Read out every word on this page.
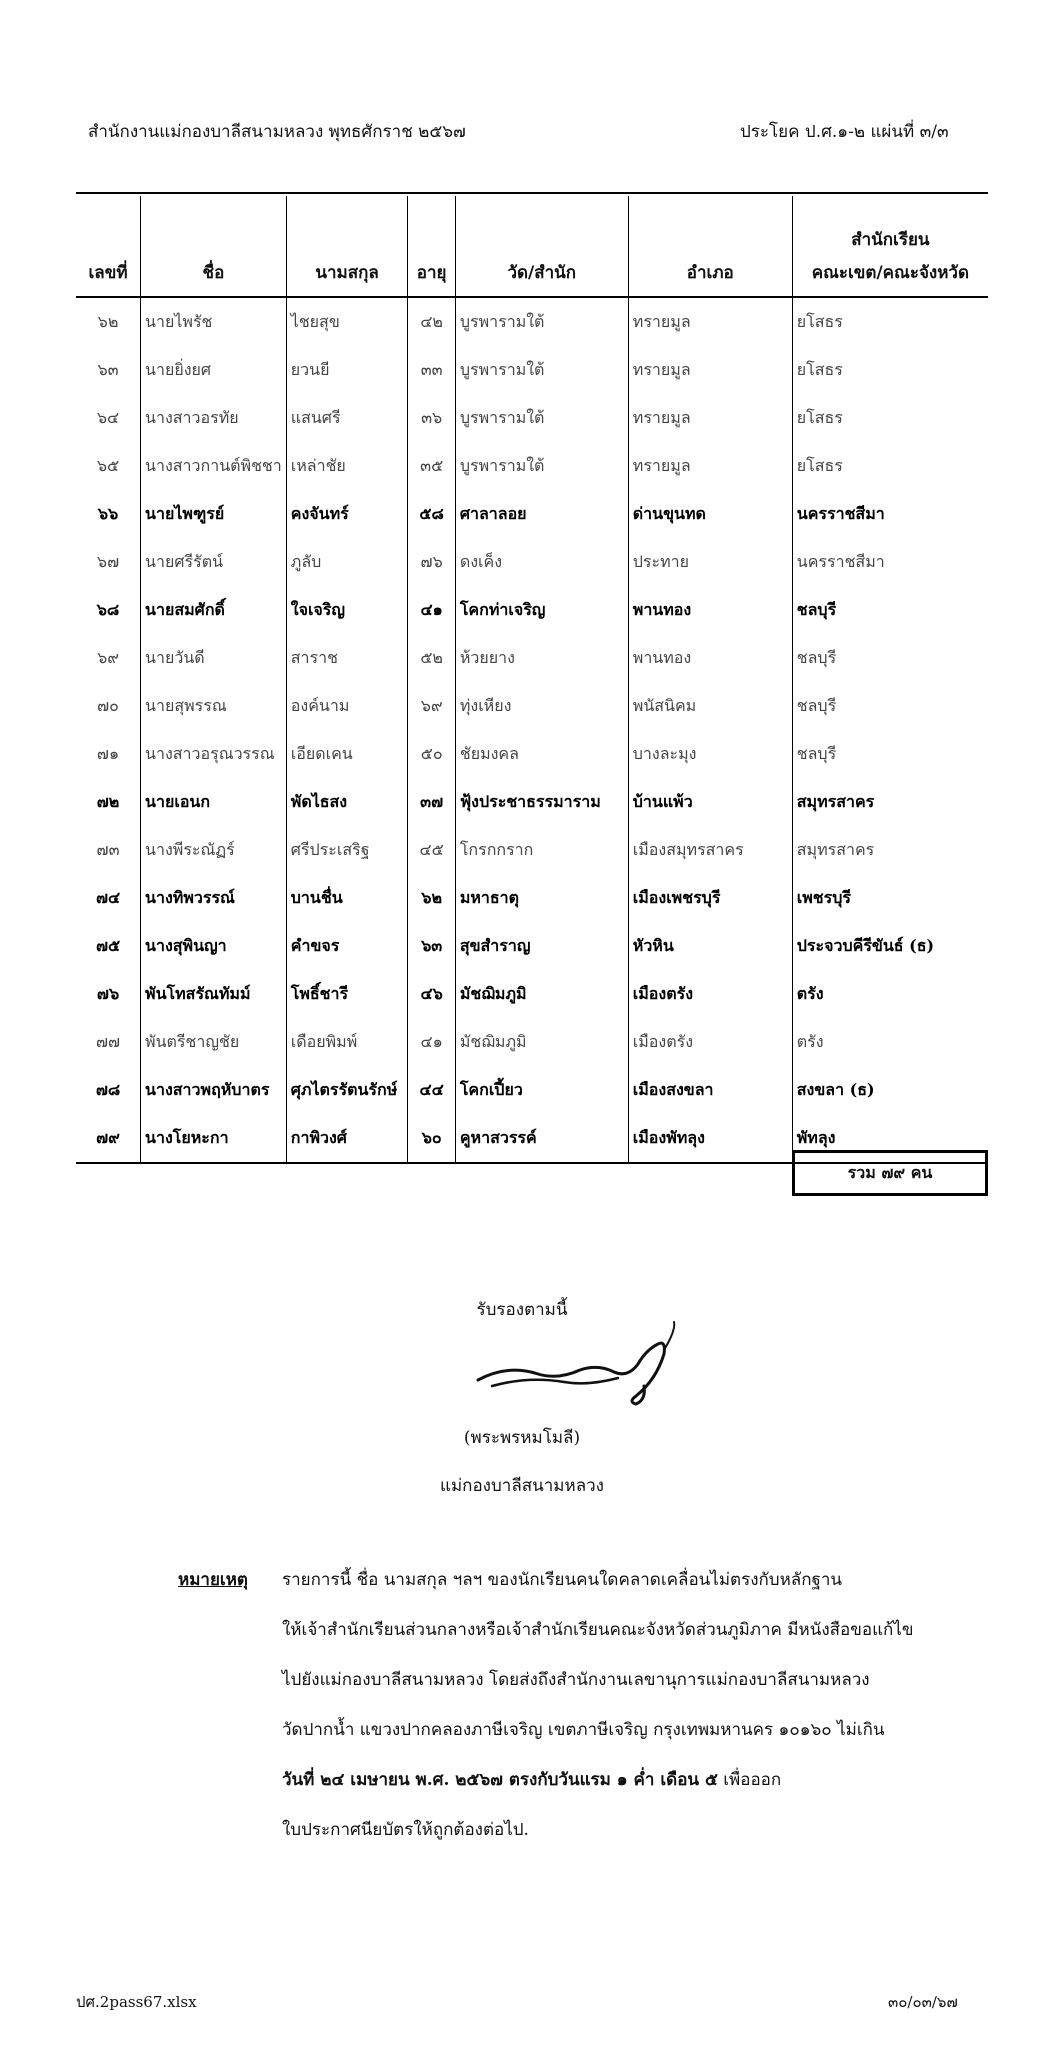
สำนักงานแม่กองบาลีสนามหลวง พุทธศักราช ๒๕๖๗	ประโยค ป.ศ.๑-๒ แผ่นที่ ๓/๓
เลขที่	ชื่อ	นามสกุล	อายุ	วัด/สำนัก	อำเภอ	สำนักเรียน
คณะเขต/คณะจังหวัด

๖๒	นายไพรัช	ไชยสุข	๔๒	บูรพารามใต้	ทรายมูล	ยโสธร
๖๓	นายยิ่งยศ	ยวนยี	๓๓	บูรพารามใต้	ทรายมูล	ยโสธร
๖๔	นางสาวอรทัย	แสนศรี	๓๖	บูรพารามใต้	ทรายมูล	ยโสธร
๖๕	นางสาวกานต์พิชชา	เหล่าชัย	๓๕	บูรพารามใต้	ทรายมูล	ยโสธร
๖๖	นายไพฑูรย์	คงจันทร์	๕๘	ศาลาลอย	ด่านขุนทด	นครราชสีมา
๖๗	นายศรีรัตน์	ภูลับ	๗๖	ดงเค็ง	ประทาย	นครราชสีมา
๖๘	นายสมศักดิ์	ใจเจริญ	๔๑	โคกท่าเจริญ	พานทอง	ชลบุรี
๖๙	นายวันดี	สาราช	๕๒	ห้วยยาง	พานทอง	ชลบุรี
๗๐	นายสุพรรณ	องค์นาม	๖๙	ทุ่งเหียง	พนัสนิคม	ชลบุรี
๗๑	นางสาวอรุณวรรณ	เอียดเคน	๕๐	ชัยมงคล	บางละมุง	ชลบุรี
๗๒	นายเอนก	พัดไธสง	๓๗	ฟุ้งประชาธรรมาราม	บ้านแพ้ว	สมุทรสาคร
๗๓	นางพีระณัฏร์	ศรีประเสริฐ	๔๕	โกรกกราก	เมืองสมุทรสาคร	สมุทรสาคร
๗๔	นางทิพวรรณ์	บานชื่น	๖๒	มหาธาตุ	เมืองเพชรบุรี	เพชรบุรี
๗๕	นางสุพินญา	คำขจร	๖๓	สุขสำราญ	หัวหิน	ประจวบคีรีขันธ์ (ธ)
๗๖	พันโทสรัณทัมม์	โพธิ์ชารี	๔๖	มัชฌิมภูมิ	เมืองตรัง	ตรัง
๗๗	พันตรีชาญชัย	เดือยพิมพ์	๔๑	มัชฌิมภูมิ	เมืองตรัง	ตรัง
๗๘	นางสาวพฤหับาตร	ศุภไตรรัตนรักษ์	๔๔	โคกเปี้ยว	เมืองสงขลา	สงขลา (ธ)
๗๙	นางโยหะกา	กาพิวงศ์	๖๐	คูหาสวรรค์	เมืองพัทลุง	พัทลุง
รวม ๗๙ คน
รับรองตามนี้
(พระพรหมโมลี)
แม่กองบาลีสนามหลวง
หมายเหตุ รายการนี้ ชื่อ นามสกุล ฯลฯ ของนักเรียนคนใดคลาดเคลื่อนไม่ตรงกับหลักฐาน
ให้เจ้าสำนักเรียนส่วนกลางหรือเจ้าสำนักเรียนคณะจังหวัดส่วนภูมิภาค มีหนังสือขอแก้ไข
ไปยังแม่กองบาลีสนามหลวง โดยส่งถึงสำนักงานเลขานุการแม่กองบาลีสนามหลวง
วัดปากน้ำ แขวงปากคลองภาษีเจริญ เขตภาษีเจริญ กรุงเทพมหานคร ๑๐๑๖๐ ไม่เกิน
วันที่ ๒๔ เมษายน พ.ศ. ๒๕๖๗ ตรงกับวันแรม ๑ ค่ำ เดือน ๕ เพื่อออก
ใบประกาศนียบัตรให้ถูกต้องต่อไป.
ปศ.2pass67.xlsx	๓๐/๐๓/๖๗
